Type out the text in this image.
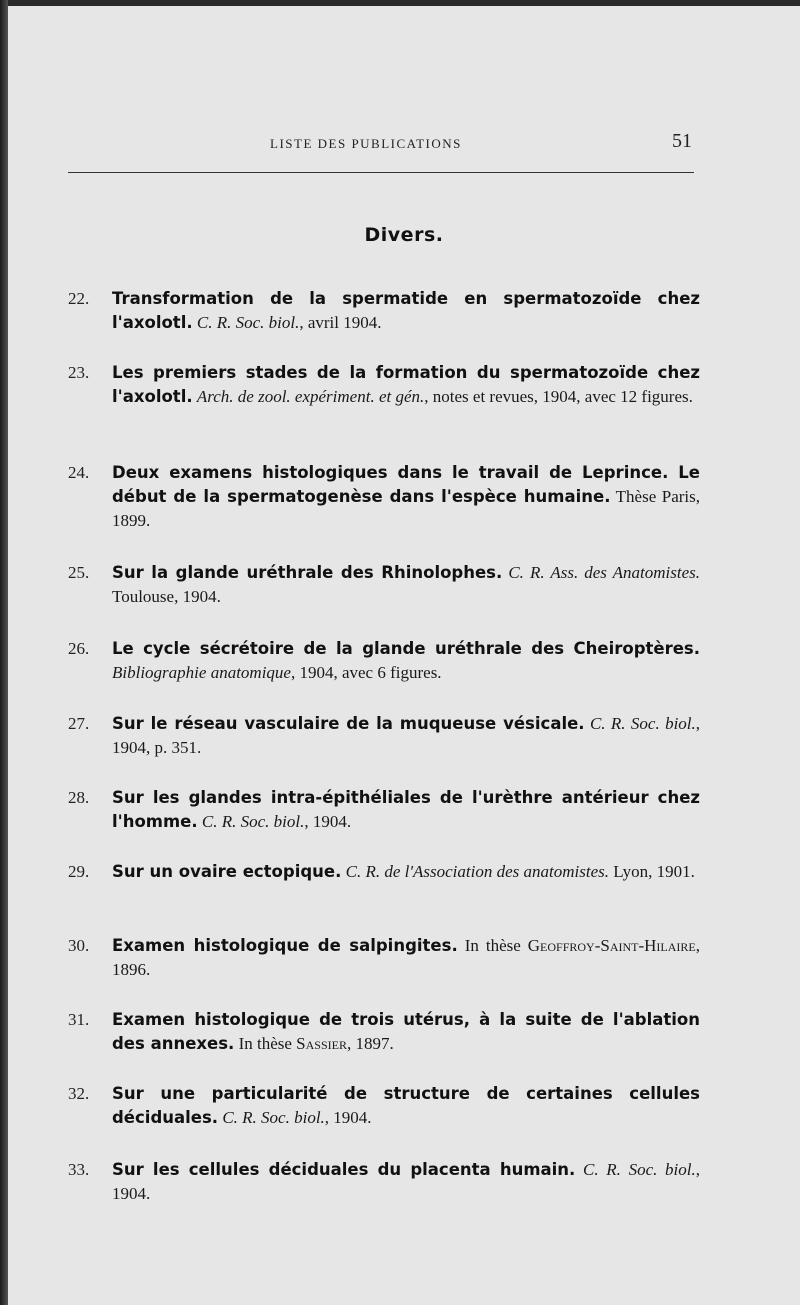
LISTE DES PUBLICATIONS	51
Divers.
22.	Transformation de la spermatide en spermatozoïde chez l'axolotl. C. R. Soc. biol., avril 1904.
23.	Les premiers stades de la formation du spermatozoïde chez l'axolotl. Arch. de zool. expériment. et gén., notes et revues, 1904, avec 12 figures.
24.	Deux examens histologiques dans le travail de Leprince. Le début de la spermatogenèse dans l'espèce humaine. Thèse Paris, 1899.
25.	Sur la glande uréthrale des Rhinolophes. C. R. Ass. des Anatomistes. Toulouse, 1904.
26.	Le cycle sécrétoire de la glande uréthrale des Cheiroptères. Bibliographie anatomique, 1904, avec 6 figures.
27.	Sur le réseau vasculaire de la muqueuse vésicale. C. R. Soc. biol., 1904, p. 351.
28.	Sur les glandes intra-épithéliales de l'urèthre antérieur chez l'homme. C. R. Soc. biol., 1904.
29.	Sur un ovaire ectopique. C. R. de l'Association des anatomistes. Lyon, 1901.
30.	Examen histologique de salpingites. In thèse Geoffroy-Saint-Hilaire, 1896.
31.	Examen histologique de trois utérus, à la suite de l'ablation des annexes. In thèse Sassier, 1897.
32.	Sur une particularité de structure de certaines cellules déciduales. C. R. Soc. biol., 1904.
33.	Sur les cellules déciduales du placenta humain. C. R. Soc. biol., 1904.
